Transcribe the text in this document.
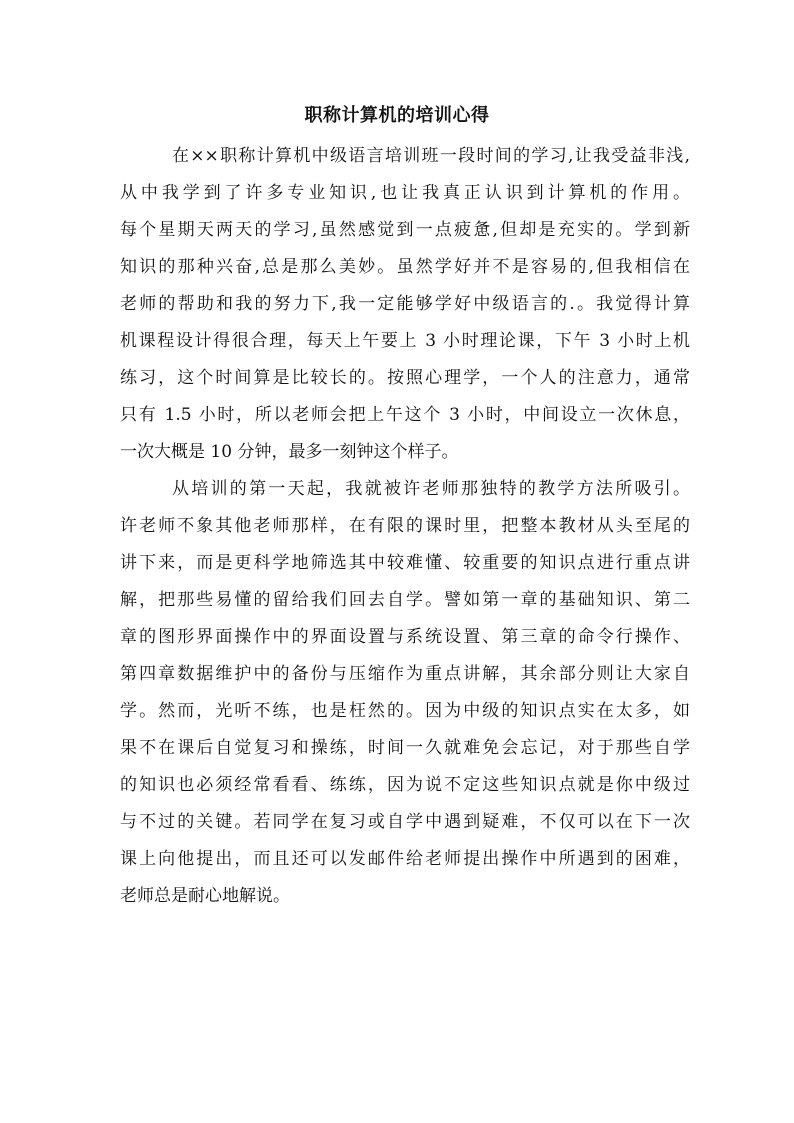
职称计算机的培训心得
在××职称计算机中级语言培训班一段时间的学习,让我受益非浅,
从中我学到了许多专业知识,也让我真正认识到计算机的作用。
每个星期天两天的学习,虽然感觉到一点疲惫,但却是充实的。学到新
知识的那种兴奋,总是那么美妙。虽然学好并不是容易的,但我相信在
老师的帮助和我的努力下,我一定能够学好中级语言的.。我觉得计算
机课程设计得很合理，每天上午要上 3 小时理论课，下午 3 小时上机
练习，这个时间算是比较长的。按照心理学，一个人的注意力，通常
只有 1.5 小时，所以老师会把上午这个 3 小时，中间设立一次休息，
一次大概是 10 分钟，最多一刻钟这个样子。
从培训的第一天起，我就被许老师那独特的教学方法所吸引。
许老师不象其他老师那样，在有限的课时里，把整本教材从头至尾的
讲下来，而是更科学地筛选其中较难懂、较重要的知识点进行重点讲
解，把那些易懂的留给我们回去自学。譬如第一章的基础知识、第二
章的图形界面操作中的界面设置与系统设置、第三章的命令行操作、
第四章数据维护中的备份与压缩作为重点讲解，其余部分则让大家自
学。然而，光听不练，也是枉然的。因为中级的知识点实在太多，如
果不在课后自觉复习和操练，时间一久就难免会忘记，对于那些自学
的知识也必须经常看看、练练，因为说不定这些知识点就是你中级过
与不过的关键。若同学在复习或自学中遇到疑难，不仅可以在下一次
课上向他提出，而且还可以发邮件给老师提出操作中所遇到的困难，
老师总是耐心地解说。
